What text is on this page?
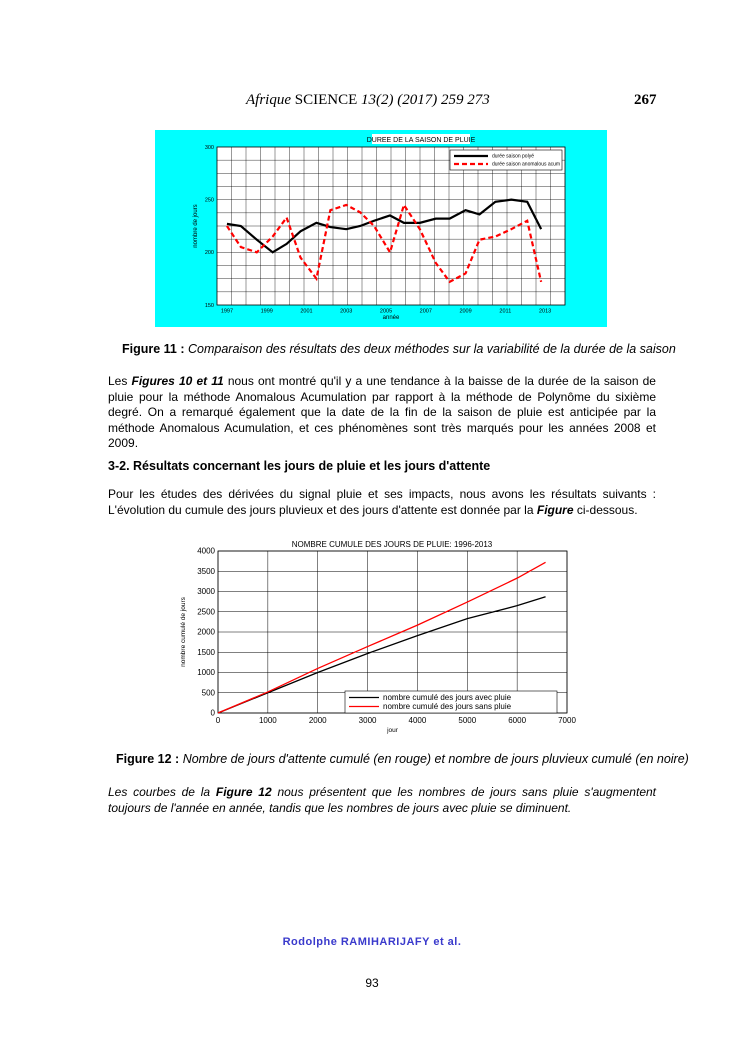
Afrique SCIENCE 13(2) (2017) 259 273	267
DUREE DE LA SAISON DE PLUIE
1997	1999	2001	2003	2005	2007	2009	2011	2013
150
200
250
300
année
nombre de jours
durée saison polyé
durée saison anomalous acum
Figure 11 : Comparaison des résultats des deux méthodes sur la variabilité de la durée de la saison
Les Figures 10 et 11 nous ont montré qu'il y a une tendance à la baisse de la durée de la saison de pluie pour la méthode Anomalous Acumulation par rapport à la méthode de Polynôme du sixième degré. On a remarqué également que la date de la fin de la saison de pluie est anticipée par la méthode Anomalous Acumulation, et ces phénomènes sont très marqués pour les années 2008 et 2009.
3-2. Résultats concernant les jours de pluie et les jours d'attente
Pour les études des dérivées du signal pluie et ses impacts, nous avons les résultats suivants : L'évolution du cumule des jours pluvieux et des jours d'attente est donnée par la Figure ci-dessous.
0	1000	2000	3000	4000	5000	6000	7000
0
500
1000
1500
2000
2500
3000
3500
4000
jour
nombre cumulé de jours
nombre cumulé des jours avec pluie
nombre cumulé des jours sans pluie
NOMBRE CUMULE DES JOURS DE PLUIE: 1996-2013
Figure 12 : Nombre de jours d'attente cumulé (en rouge) et nombre de jours pluvieux cumulé (en noire)
Les courbes de la Figure 12 nous présentent que les nombres de jours sans pluie s'augmentent toujours de l'année en année, tandis que les nombres de jours avec pluie se diminuent.
Rodolphe RAMIHARIJAFY et al.
93
